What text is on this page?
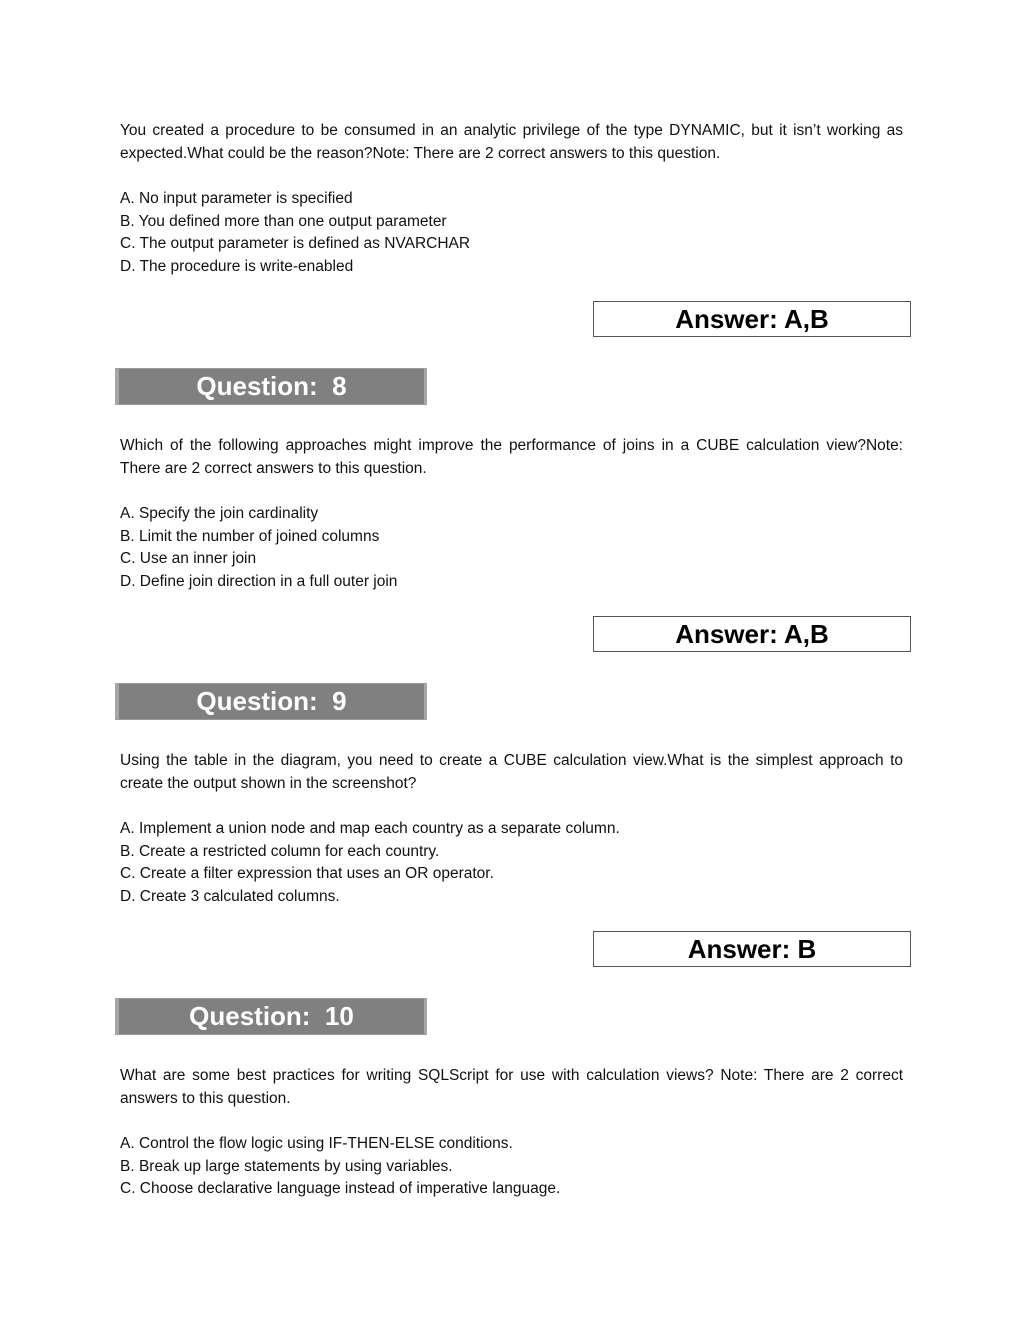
You created a procedure to be consumed in an analytic privilege of the type DYNAMIC, but it isn’t working as expected.What could be the reason?Note: There are 2 correct answers to this question.

A. No input parameter is specified
B. You defined more than one output parameter
C. The output parameter is defined as NVARCHAR
D. The procedure is write-enabled
Answer: A,B
Question:  8

Which of the following approaches might improve the performance of joins in a CUBE calculation view?Note: There are 2 correct answers to this question.

A. Specify the join cardinality
B. Limit the number of joined columns
C. Use an inner join
D. Define join direction in a full outer join
Answer: A,B
Question:  9

Using the table in the diagram, you need to create a CUBE calculation view.What is the simplest approach to create the output shown in the screenshot?

A. Implement a union node and map each country as a separate column.
B. Create a restricted column for each country.
C. Create a filter expression that uses an OR operator.
D. Create 3 calculated columns.
Answer: B
Question:  10

What are some best practices for writing SQLScript for use with calculation views? Note: There are 2 correct answers to this question.

A. Control the flow logic using IF-THEN-ELSE conditions.
B. Break up large statements by using variables.
C. Choose declarative language instead of imperative language.
